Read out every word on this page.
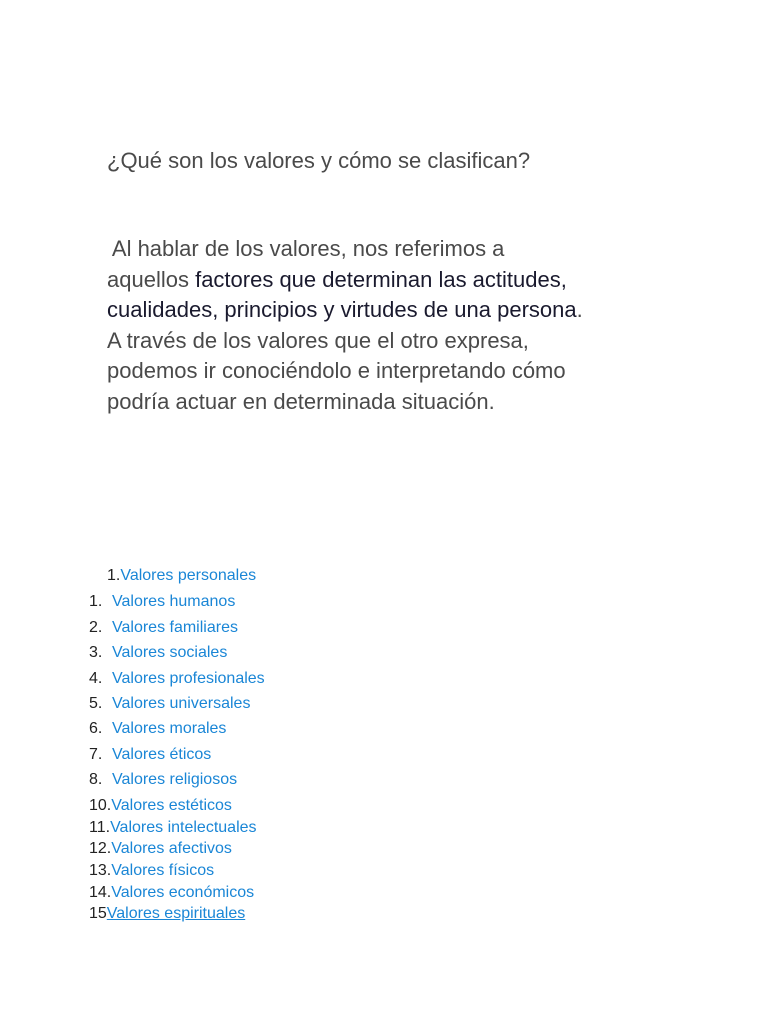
¿Qué son los valores y cómo se clasifican?
Al hablar de los valores, nos referimos a
aquellos factores que determinan las actitudes,
cualidades, principios y virtudes de una persona.
A través de los valores que el otro expresa,
podemos ir conociéndolo e interpretando cómo
podría actuar en determinada situación.
1.Valores personales
1. Valores humanos
2. Valores familiares
3. Valores sociales
4. Valores profesionales
5. Valores universales
6. Valores morales
7. Valores éticos
8. Valores religiosos
10.Valores estéticos
11.Valores intelectuales
12.Valores afectivos
13.Valores físicos
14.Valores económicos
15Valores espirituales
